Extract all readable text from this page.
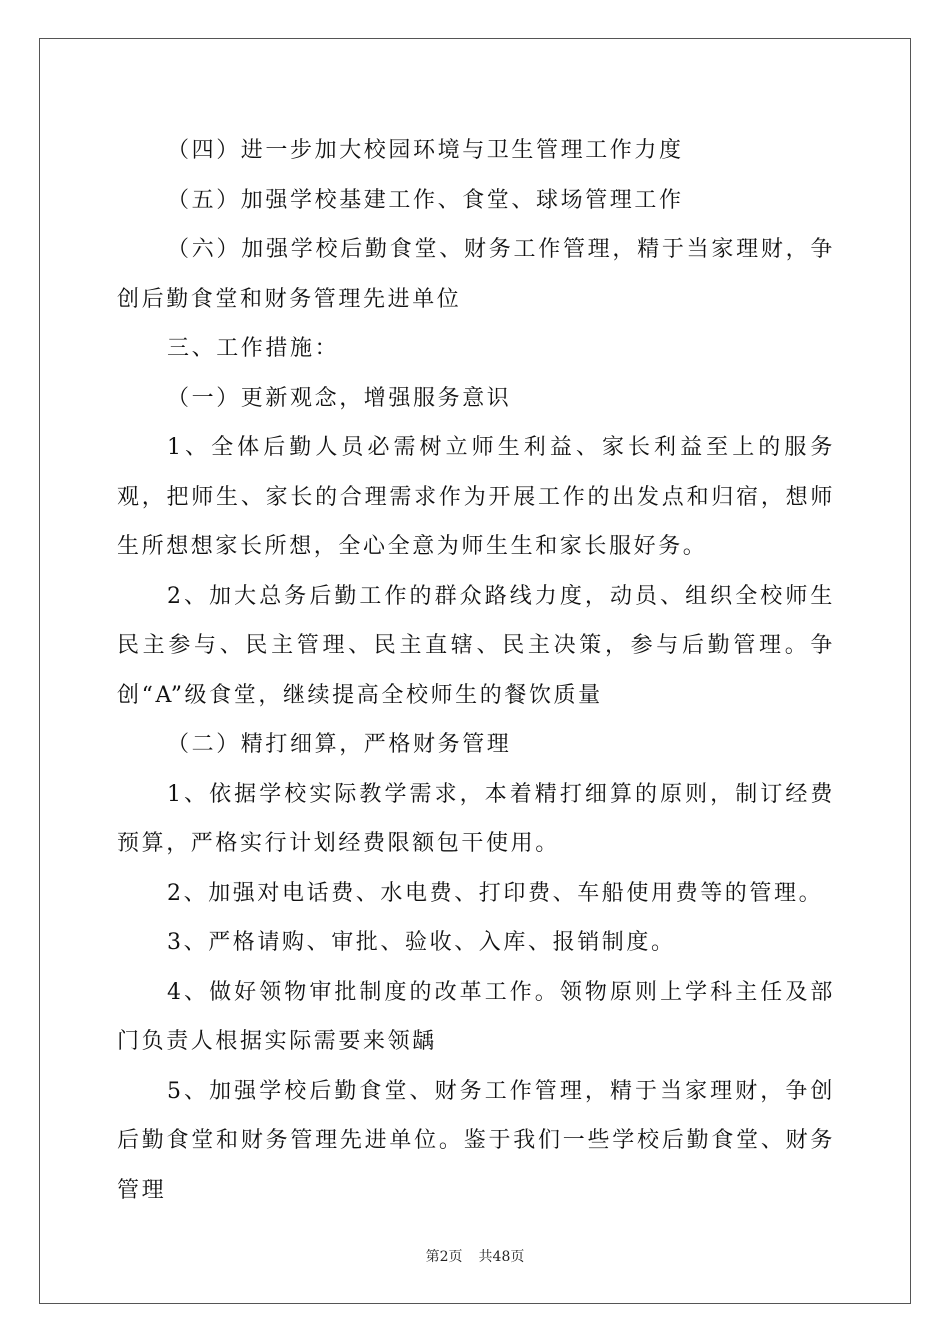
（四）进一步加大校园环境与卫生管理工作力度

（五）加强学校基建工作、食堂、球场管理工作

（六）加强学校后勤食堂、财务工作管理，精于当家理财，争创后勤食堂和财务管理先进单位

三、工作措施：

（一）更新观念，增强服务意识

1、全体后勤人员必需树立师生利益、家长利益至上的服务观，把师生、家长的合理需求作为开展工作的出发点和归宿，想师生所想想家长所想，全心全意为师生生和家长服好务。

2、加大总务后勤工作的群众路线力度，动员、组织全校师生民主参与、民主管理、民主直辖、民主决策，参与后勤管理。争创“A”级食堂，继续提高全校师生的餐饮质量

（二）精打细算，严格财务管理

1、依据学校实际教学需求，本着精打细算的原则，制订经费预算，严格实行计划经费限额包干使用。

2、加强对电话费、水电费、打印费、车船使用费等的管理。

3、严格请购、审批、验收、入库、报销制度。

4、做好领物审批制度的改革工作。领物原则上学科主任及部门负责人根据实际需要来领龋

5、加强学校后勤食堂、财务工作管理，精于当家理财，争创后勤食堂和财务管理先进单位。鉴于我们一些学校后勤食堂、财务管理

第2页 共48页
